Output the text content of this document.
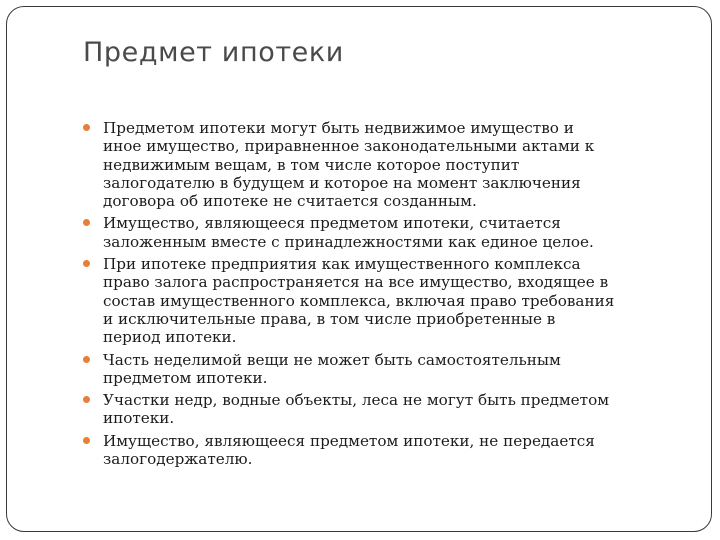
Предмет ипотеки
Предметом ипотеки могут быть недвижимое имущество и
иное имущество, приравненное законодательными актами к
недвижимым вещам, в том числе которое поступит
залогодателю в будущем и которое на момент заключения
договора об ипотеке не считается созданным.
Имущество, являющееся предметом ипотеки, считается
заложенным вместе с принадлежностями как единое целое.
При ипотеке предприятия как имущественного комплекса
право залога распространяется на все имущество, входящее в
состав имущественного комплекса, включая право требования
и исключительные права, в том числе приобретенные в
период ипотеки.
Часть неделимой вещи не может быть самостоятельным
предметом ипотеки.
Участки недр, водные объекты, леса не могут быть предметом
ипотеки.
Имущество, являющееся предметом ипотеки, не передается
залогодержателю.
